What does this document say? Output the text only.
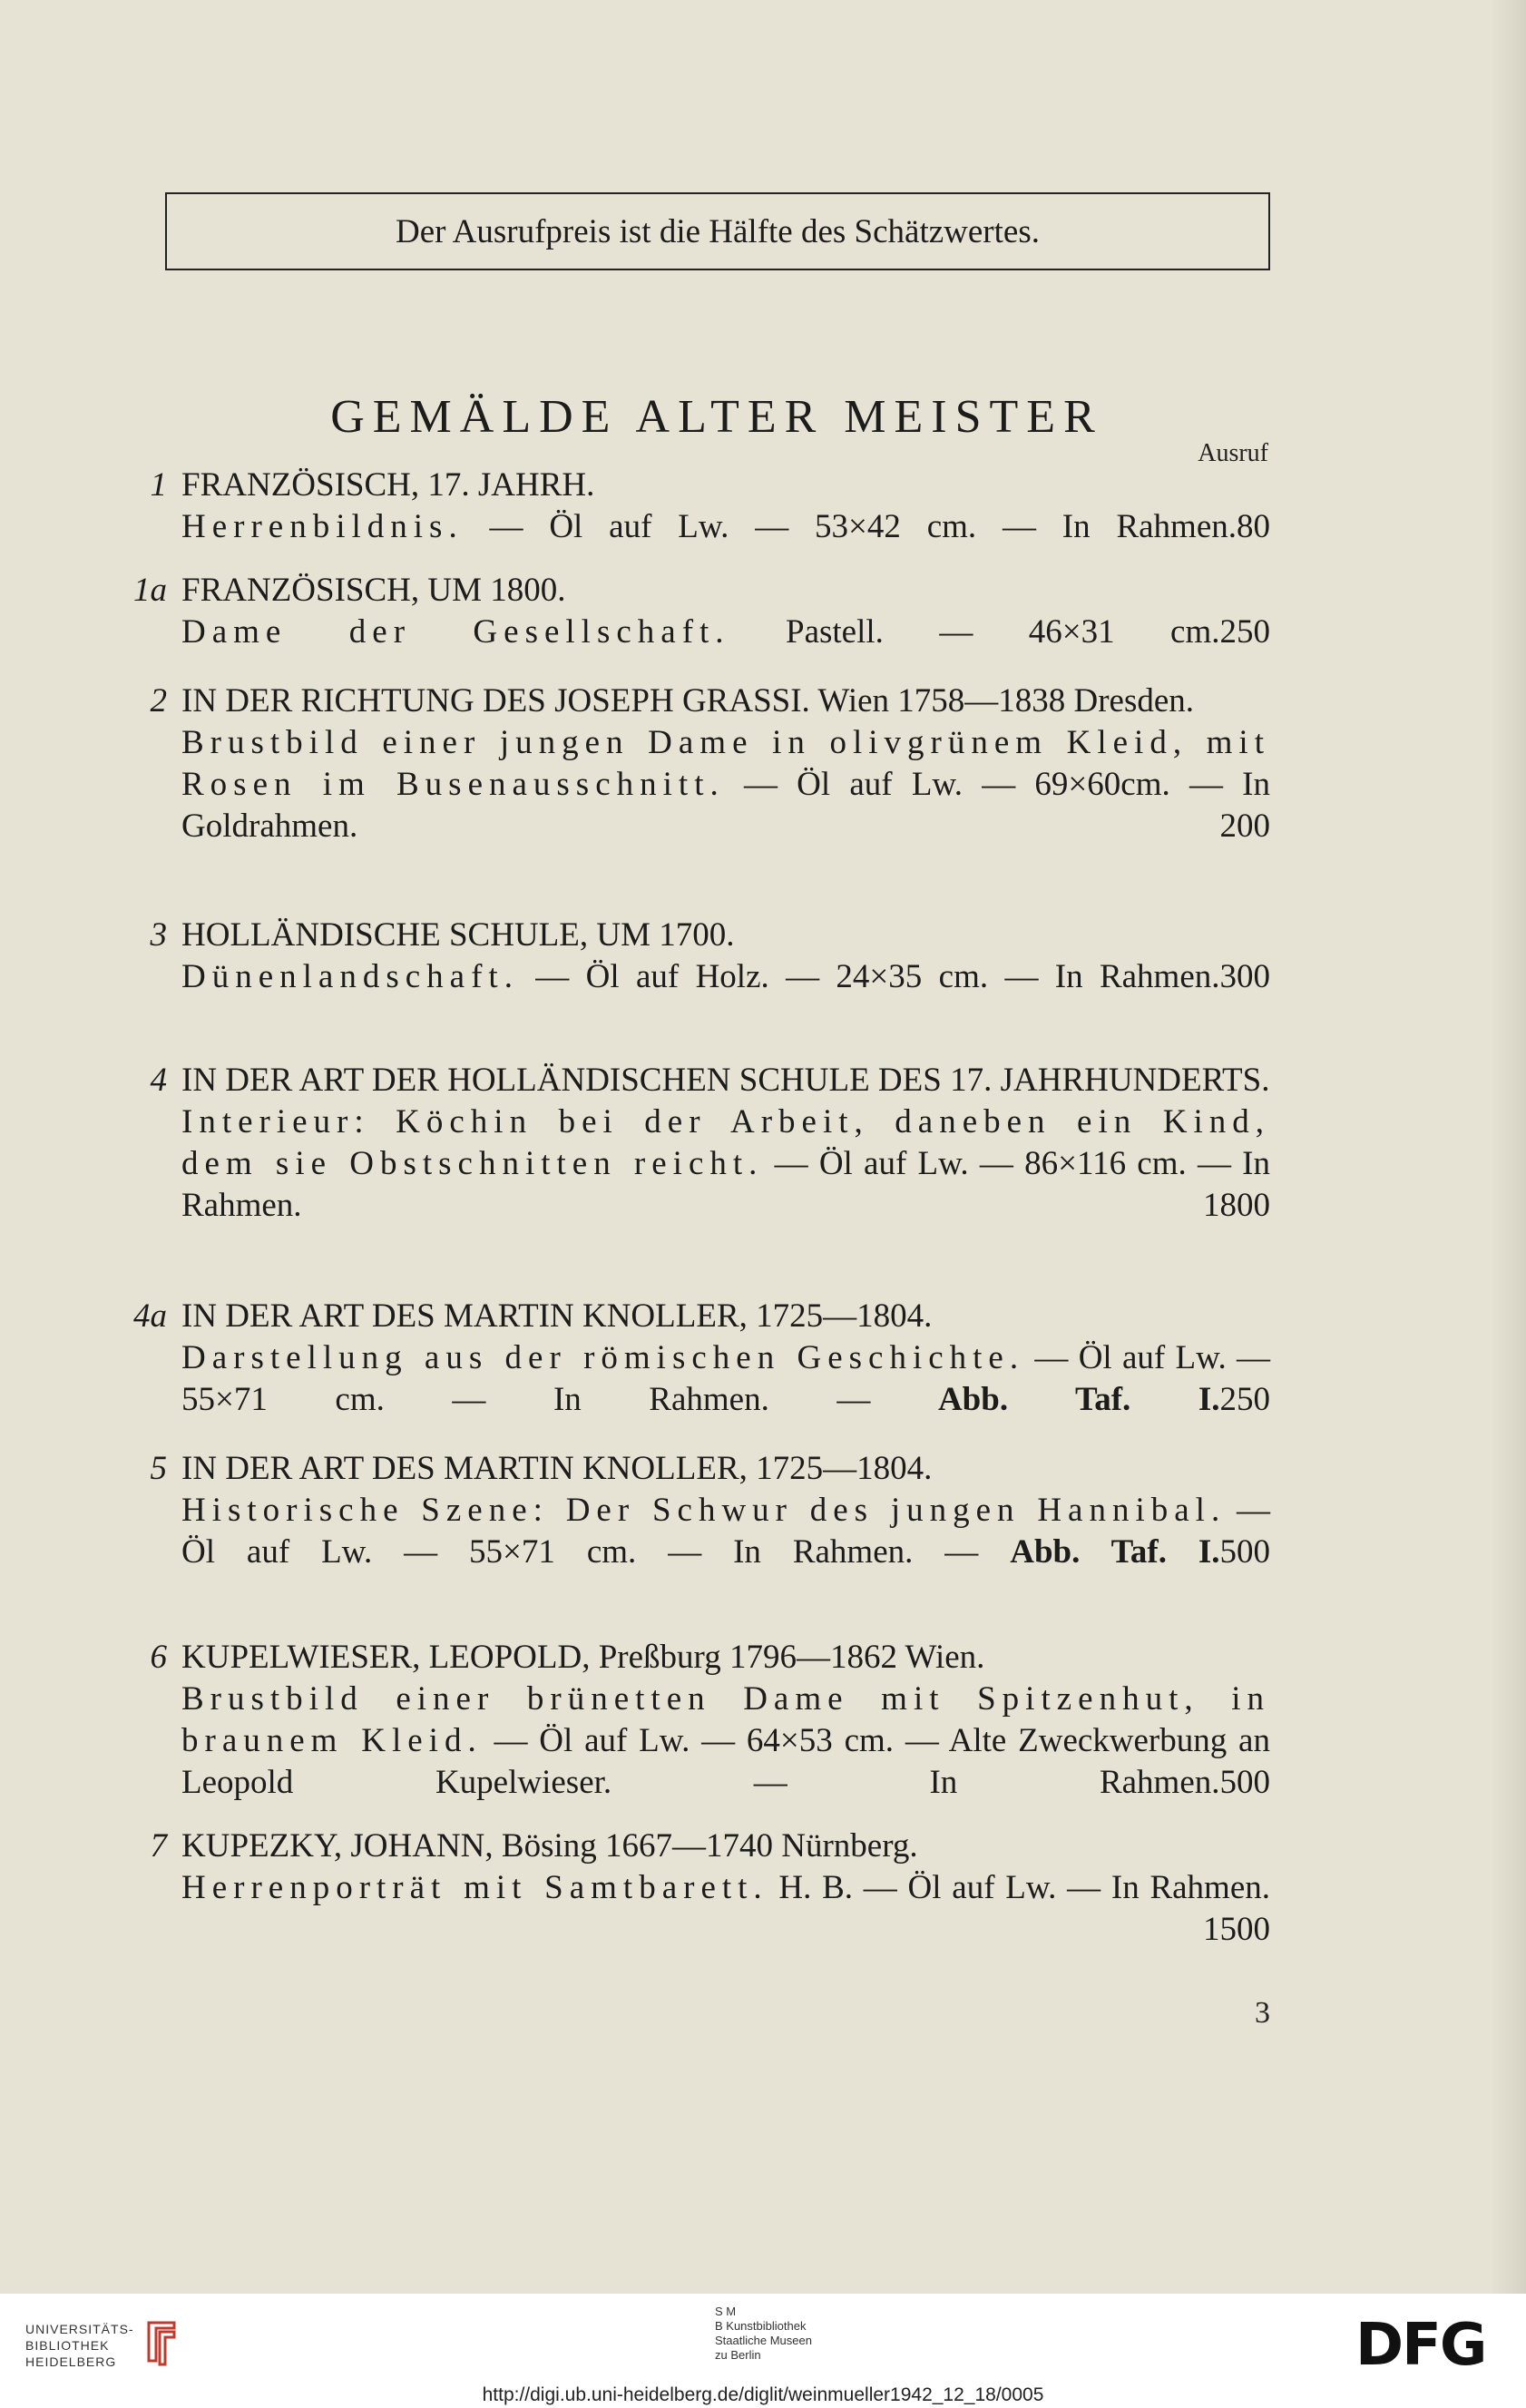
Der Ausrufpreis ist die Hälfte des Schätzwertes.
GEMÄLDE ALTER MEISTER
Ausruf
1 FRANZÖSISCH, 17. JAHRH.
Herrenbildnis. — Öl auf Lw. — 53×42 cm. — In Rahmen. 80
1a FRANZÖSISCH, UM 1800.
Dame der Gesellschaft. Pastell. — 46×31 cm. 250
2 IN DER RICHTUNG DES JOSEPH GRASSI. Wien 1758—1838 Dresden.
Brustbild einer jungen Dame in olivgrünem Kleid, mit Rosen im Busenausschnitt. — Öl auf Lw. — 69×60cm. — In Goldrahmen.	200
3 HOLLÄNDISCHE SCHULE, UM 1700.
Dünenlandschaft. — Öl auf Holz. — 24×35 cm. — In Rahmen. 300
4 IN DER ART DER HOLLÄNDISCHEN SCHULE DES 17. JAHRHUNDERTS.
Interieur: Köchin bei der Arbeit, daneben ein Kind, dem sie Obstschnitten reicht. — Öl auf Lw. — 86×116 cm. — In Rahmen.	1800
4a IN DER ART DES MARTIN KNOLLER, 1725—1804.
Darstellung aus der römischen Geschichte. — Öl auf Lw. — 55×71 cm. — In Rahmen. — Abb. Taf. I. 250
5 IN DER ART DES MARTIN KNOLLER, 1725—1804.
Historische Szene: Der Schwur des jungen Hannibal. — Öl auf Lw. — 55×71 cm. — In Rahmen. — Abb. Taf. I. 500
6 KUPELWIESER, LEOPOLD, Preßburg 1796—1862 Wien.
Brustbild einer brünetten Dame mit Spitzenhut, in braunem Kleid. — Öl auf Lw. — 64×53 cm. — Alte Zweckwerbung an Leopold Kupelwieser. — In Rahmen. 500
7 KUPEZKY, JOHANN, Bösing 1667—1740 Nürnberg.
Herrenporträt mit Samtbarett. H. B. — Öl auf Lw. — In Rahmen.
1500
3
UNIVERSITÄTS-
BIBLIOTHEK
HEIDELBERG
S M
B Kunstbibliothek
Staatliche Museen
zu Berlin	DFG
http://digi.ub.uni-heidelberg.de/diglit/weinmueller1942_12_18/0005
